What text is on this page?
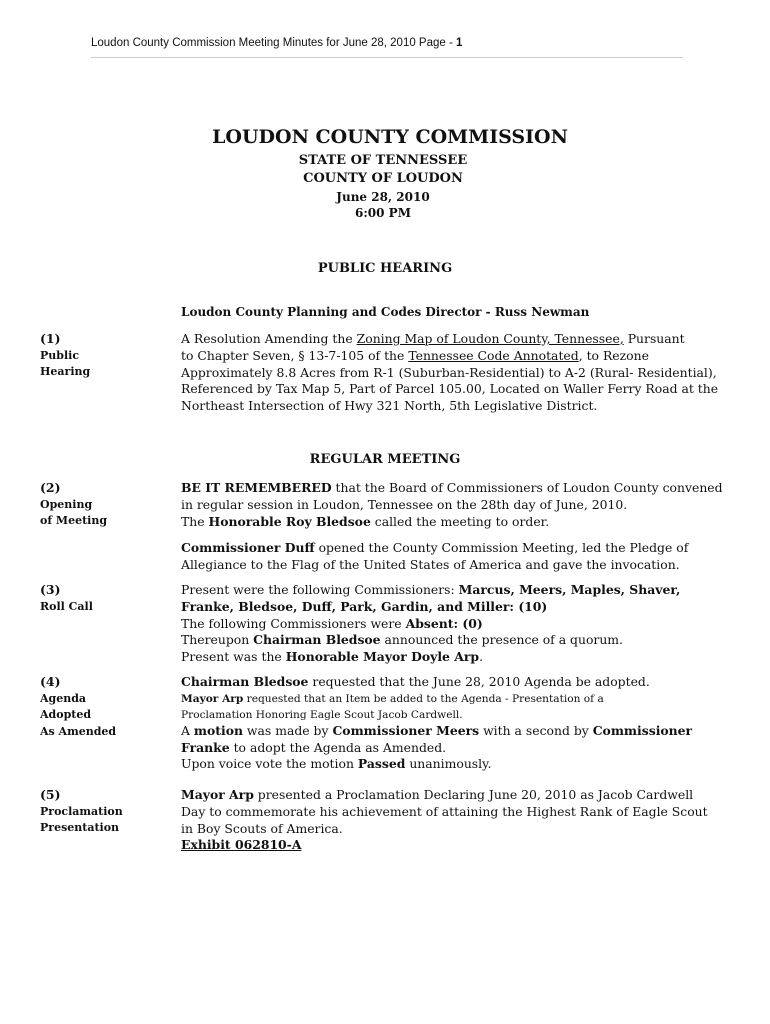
Loudon County Commission Meeting Minutes for June 28, 2010 Page - 1
LOUDON COUNTY COMMISSION
STATE OF TENNESSEE
COUNTY OF LOUDON
June 28, 2010
6:00 PM
PUBLIC HEARING
Loudon County Planning and Codes Director - Russ Newman
(1)
Public
Hearing

A Resolution Amending the Zoning Map of Loudon County, Tennessee, Pursuant

to Chapter Seven, § 13-7-105 of the Tennessee Code Annotated, to Rezone

Approximately 8.8 Acres from R-1 (Suburban-Residential) to A-2 (Rural- Residential),

Referenced by Tax Map 5, Part of Parcel 105.00, Located on Waller Ferry Road at the

Northeast Intersection of Hwy 321 North, 5th Legislative District.

REGULAR MEETING
(2)
Opening
of Meeting

BE IT REMEMBERED that the Board of Commissioners of Loudon County convened

in regular session in Loudon, Tennessee on the 28th day of June, 2010.

The Honorable Roy Bledsoe called the meeting to order.

Commissioner Duff opened the County Commission Meeting, led the Pledge of

Allegiance to the Flag of the United States of America and gave the invocation.

(3)
Roll Call

Present were the following Commissioners: Marcus, Meers, Maples, Shaver,

Franke, Bledsoe, Duff, Park, Gardin, and Miller: (10)

The following Commissioners were Absent: (0)

Thereupon Chairman Bledsoe announced the presence of a quorum.

Present was the Honorable Mayor Doyle Arp.

(4)
Agenda
Adopted
As Amended

Chairman Bledsoe requested that the June 28, 2010 Agenda be adopted.

Mayor Arp requested that an Item be added to the Agenda - Presentation of a

Proclamation Honoring Eagle Scout Jacob Cardwell.

A motion was made by Commissioner Meers with a second by Commissioner

Franke to adopt the Agenda as Amended.

Upon voice vote the motion Passed unanimously.

(5)
Proclamation
Presentation

Mayor Arp presented a Proclamation Declaring June 20, 2010 as Jacob Cardwell

Day to commemorate his achievement of attaining the Highest Rank of Eagle Scout

in Boy Scouts of America.

Exhibit 062810-A
